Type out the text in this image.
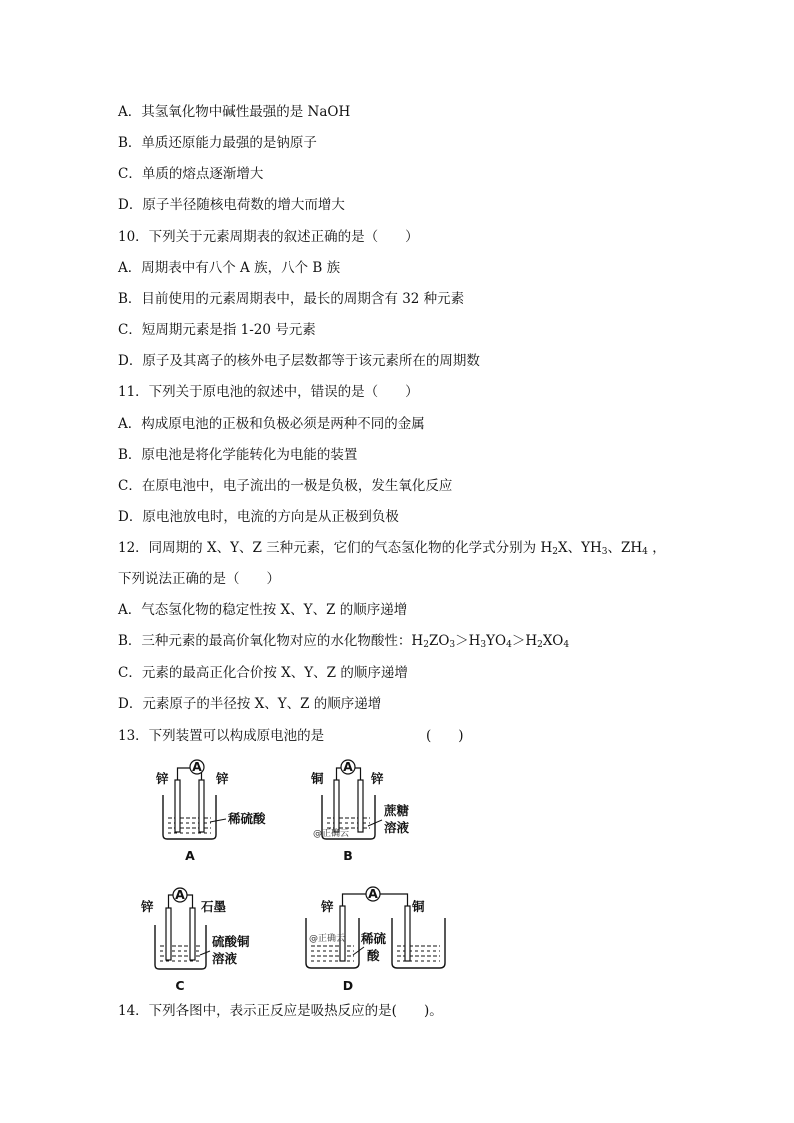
A．其氢氧化物中碱性最强的是 NaOH
B．单质还原能力最强的是钠原子
C．单质的熔点逐渐增大
D．原子半径随核电荷数的增大而增大
10．下列关于元素周期表的叙述正确的是（　　）
A．周期表中有八个 A 族，八个 B 族
B．目前使用的元素周期表中，最长的周期含有 32 种元素
C．短周期元素是指 1-20 号元素
D．原子及其离子的核外电子层数都等于该元素所在的周期数
11．下列关于原电池的叙述中，错误的是（　　）
A．构成原电池的正极和负极必须是两种不同的金属
B．原电池是将化学能转化为电能的装置
C．在原电池中，电子流出的一极是负极，发生氧化反应
D．原电池放电时，电流的方向是从正极到负极
12．同周期的 X、Y、Z 三种元素，它们的气态氢化物的化学式分别为 $H_2X$、$YH_3$、$ZH_4$ ，
下列说法正确的是（　　）
A．气态氢化物的稳定性按 X、Y、Z 的顺序递增
B．三种元素的最高价氧化物对应的水化物酸性：$H_2ZO_3>H_3YO_4>H_2XO_4$
C．元素的最高正化合价按 X、Y、Z 的顺序递增
D．元素原子的半径按 X、Y、Z 的顺序递增
13．下列装置可以构成原电池的是	(　　)
A
锌	锌
稀硫酸
A
A
铜	锌
蔗糖
溶液
@正确云
B
A
锌	石墨
硫酸铜
溶液
C
A
锌	铜
稀硫
酸
@正确云
D
14．下列各图中，表示正反应是吸热反应的是(　　)。
